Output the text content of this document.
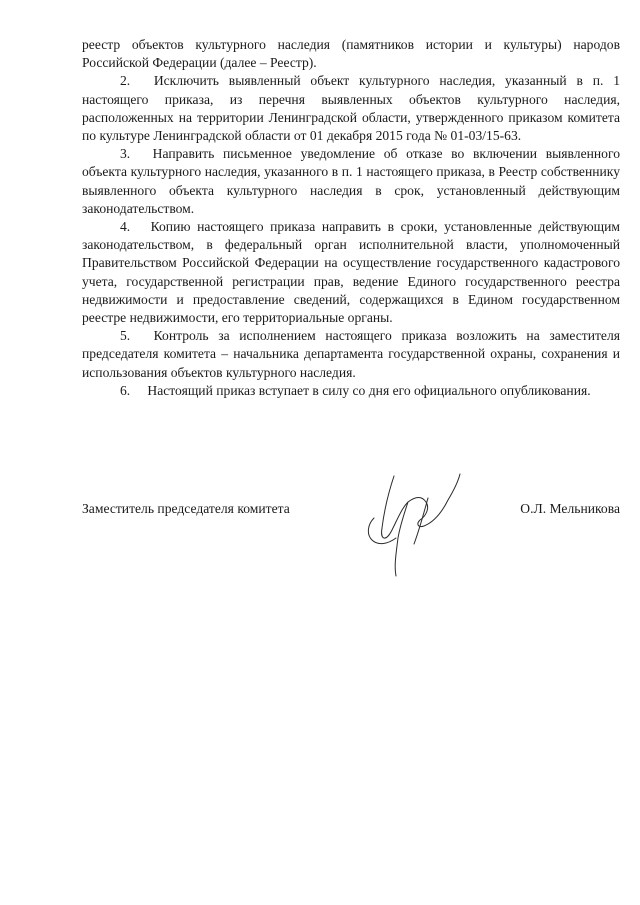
реестр объектов культурного наследия (памятников истории и культуры) народов Российской Федерации (далее – Реестр).

2. Исключить выявленный объект культурного наследия, указанный в п. 1 настоящего приказа, из перечня выявленных объектов культурного наследия, расположенных на территории Ленинградской области, утвержденного приказом комитета по культуре Ленинградской области от 01 декабря 2015 года № 01-03/15-63.

3. Направить письменное уведомление об отказе во включении выявленного объекта культурного наследия, указанного в п. 1 настоящего приказа, в Реестр собственнику выявленного объекта культурного наследия в срок, установленный действующим законодательством.

4. Копию настоящего приказа направить в сроки, установленные действующим законодательством, в федеральный орган исполнительной власти, уполномоченный Правительством Российской Федерации на осуществление государственного кадастрового учета, государственной регистрации прав, ведение Единого государственного реестра недвижимости и предоставление сведений, содержащихся в Едином государственном реестре недвижимости, его территориальные органы.

5. Контроль за исполнением настоящего приказа возложить на заместителя председателя комитета – начальника департамента государственной охраны, сохранения и использования объектов культурного наследия.

6. Настоящий приказ вступает в силу со дня его официального опубликования.

Заместитель председателя комитета	О.Л. Мельникова
